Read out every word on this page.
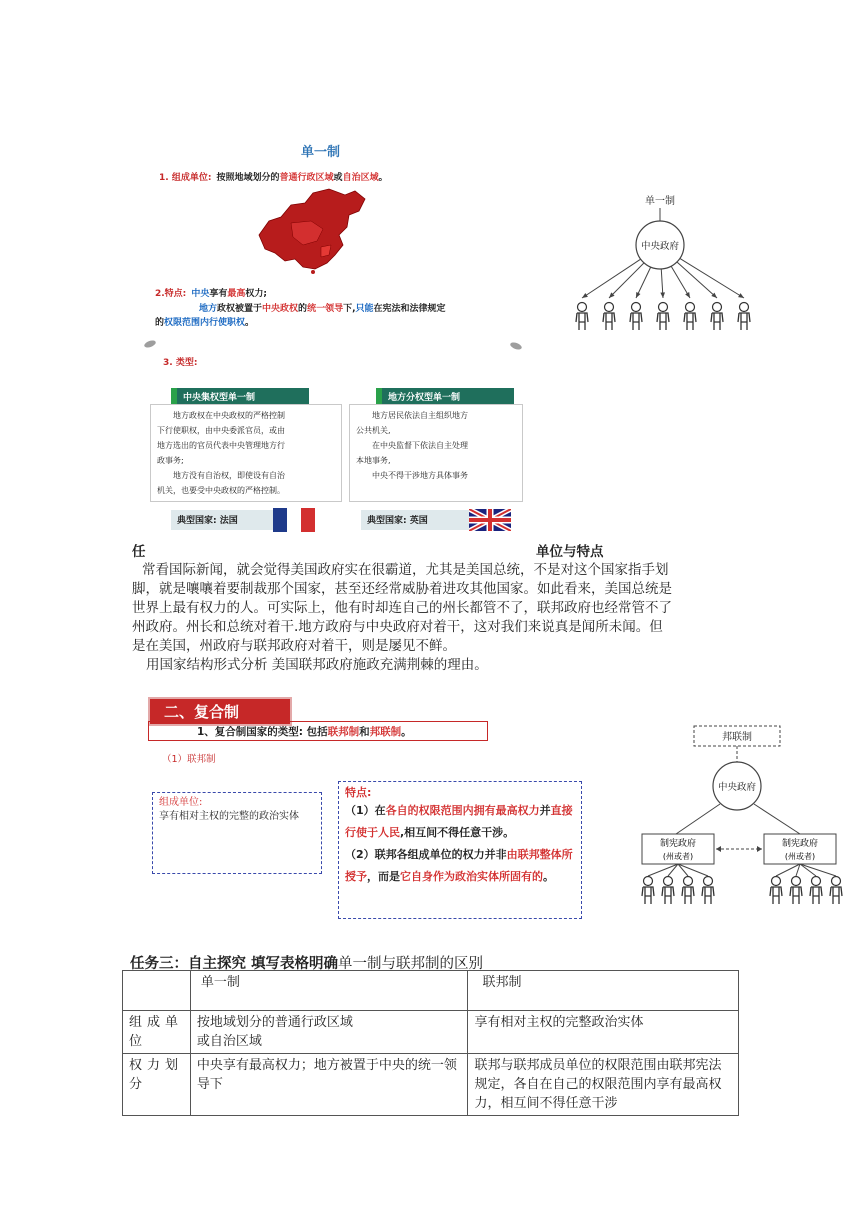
单一制
1. 组成单位: 按照地域划分的普通行政区域或自治区域。
2.特点: 中央享有最高权力;
地方政权被置于中央政权的统一领导下,只能在宪法和法律规定
的权限范围内行使职权。
3. 类型:
中央集权型单一制
地方政权在中央政权的严格控制
下行使职权，由中央委派官员，或由
地方选出的官员代表中央管理地方行
政事务;
地方没有自治权，即使设有自治
机关，也要受中央政权的严格控制。
地方分权型单一制
地方居民依法自主组织地方
公共机关,
在中央监督下依法自主处理
本地事务,
中央不得干涉地方具体事务
典型国家: 法国	典型国家: 英国
单一制
中央政府
任	单位与特点
常看国际新闻，就会觉得美国政府实在很霸道，尤其是美国总统，不是对这个国家指手划
脚，就是嚷嚷着要制裁那个国家，甚至还经常威胁着进攻其他国家。如此看来，美国总统是
世界上最有权力的人。可实际上，他有时却连自己的州长都管不了，联邦政府也经常管不了
州政府。州长和总统对着干.地方政府与中央政府对着干，这对我们来说真是闻所未闻。但
是在美国，州政府与联邦政府对着干，则是屡见不鲜。
用国家结构形式分析 美国联邦政府施政充满荆棘的理由。
二、复合制
1、复合制国家的类型: 包括联邦制和邦联制。
（1）联邦制
组成单位:
享有相对主权的完整的政治实体
特点:
（1）在各自的权限范围内拥有最高权力并直接行使于人民,相互间不得任意干涉。
（2）联邦各组成单位的权力并非由联邦整体所授予，而是它自身作为政治实体所固有的。
邦联制
中央政府
制宪政府
(州或者)
制宪政府
(州或者)
任务三：自主探究 填写表格明确单一制与联邦制的区别
	单一制	联邦制
组成单位	按地域划分的普通行政区域
或自治区域	享有相对主权的完整政治实体
权力划分	中央享有最高权力；地方被置于中央的统一领导下	联邦与联邦成员单位的权限范围由联邦宪法规定，各自在自己的权限范围内享有最高权力，相互间不得任意干涉
